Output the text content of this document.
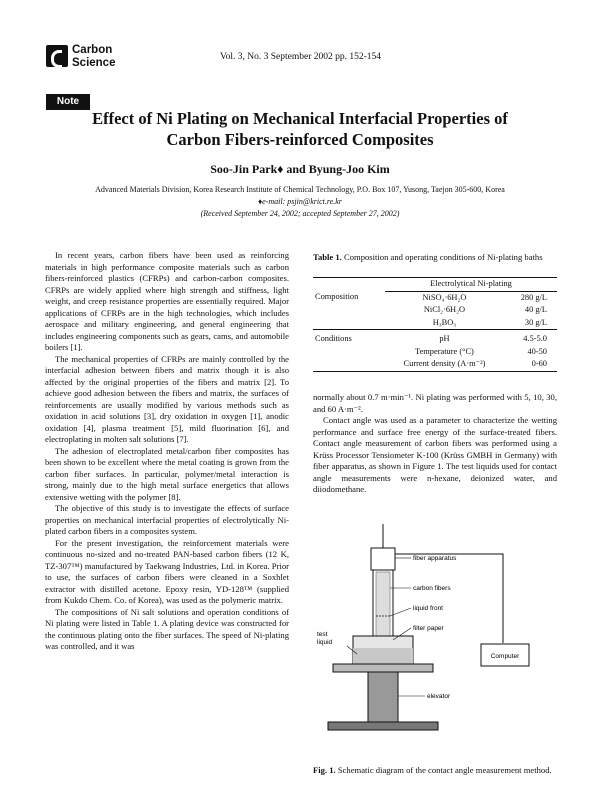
Carbon
Science	Vol. 3, No. 3 September 2002 pp. 152-154
Note
Effect of Ni Plating on Mechanical Interfacial Properties of
Carbon Fibers-reinforced Composites
Soo-Jin Park♦ and Byung-Joo Kim
Advanced Materials Division, Korea Research Institute of Chemical Technology, P.O. Box 107, Yusong, Taejon 305-600, Korea
♦e-mail: psjin@krict.re.kr
(Received September 24, 2002; accepted September 27, 2002)

In recent years, carbon fibers have been used as reinforcing materials in high performance composite materials such as carbon fibers-reinforced plastics (CFRPs) and carbon-carbon composites. CFRPs are widely applied where high strength and stiffness, light weight, and creep resistance properties are essentially required. Major applications of CFRPs are in the high technologies, which includes aerospace and military engineering, and general engineering that includes engineering components such as gears, cams, and automobile boilers [1].

The mechanical properties of CFRPs are mainly controlled by the interfacial adhesion between fibers and matrix though it is also affected by the original properties of the fibers and matrix [2]. To achieve good adhesion between the fibers and matrix, the surfaces of reinforcements are usually modified by various methods such as oxidation in acid solutions [3], dry oxidation in oxygen [1], anodic oxidation [4], plasma treatment [5], mild fluorination [6], and electroplating in molten salt solutions [7].

The adhesion of electroplated metal/carbon fiber composites has been shown to be excellent where the metal coating is grown from the carbon fiber surfaces. In particular, polymer/metal interaction is strong, mainly due to the high metal surface energetics that allows extensive wetting with the polymer [8].

The objective of this study is to investigate the effects of surface properties on mechanical interfacial properties of electrolytically Ni-plated carbon fibers in a composites system.

For the present investigation, the reinforcement materials were continuous no-sized and no-treated PAN-based carbon fibers (12 K, TZ-307™) manufactured by Taekwang Industries, Ltd. in Korea. Prior to use, the surfaces of carbon fibers were cleaned in a Soxhlet extractor with distilled acetone. Epoxy resin, YD-128™ (supplied from Kukdo Chem. Co. of Korea), was used as the polymeric matrix.

The compositions of Ni salt solutions and operation conditions of Ni plating were listed in Table 1. A plating device was constructed for the continuous plating onto the fiber surfaces. The speed of Ni-plating was controlled, and it was

Table 1. Composition and operating conditions of Ni-plating baths
	Electrolytical Ni-plating	
Composition	NiSO₄·6H₂O	280 g/L
	NiCl₂·6H₂O	40 g/L
	H₃BO₃	30 g/L
Conditions	pH	4.5-5.0
	Temperature (°C)	40-50
	Current density (A·m⁻²)	0-60

normally about 0.7 m·min⁻¹. Ni plating was performed with 5, 10, 30, and 60 A·m⁻².

Contact angle was used as a parameter to characterize the wetting performance and surface free energy of the surface-treated fibers. Contact angle measurement of carbon fibers was performed using a Krüss Processor Tensiometer K-100 (Krüss GMBH in Germany) with fiber apparatus, as shown in Figure 1. The test liquids used for contact angle measurements were n-hexane, deionized water, and diiodomethane.

Computer
fiber apparatus
carbon fibers
liquid front
filter paper
test
liquid
elevator
Fig. 1. Schematic diagram of the contact angle measurement method.
